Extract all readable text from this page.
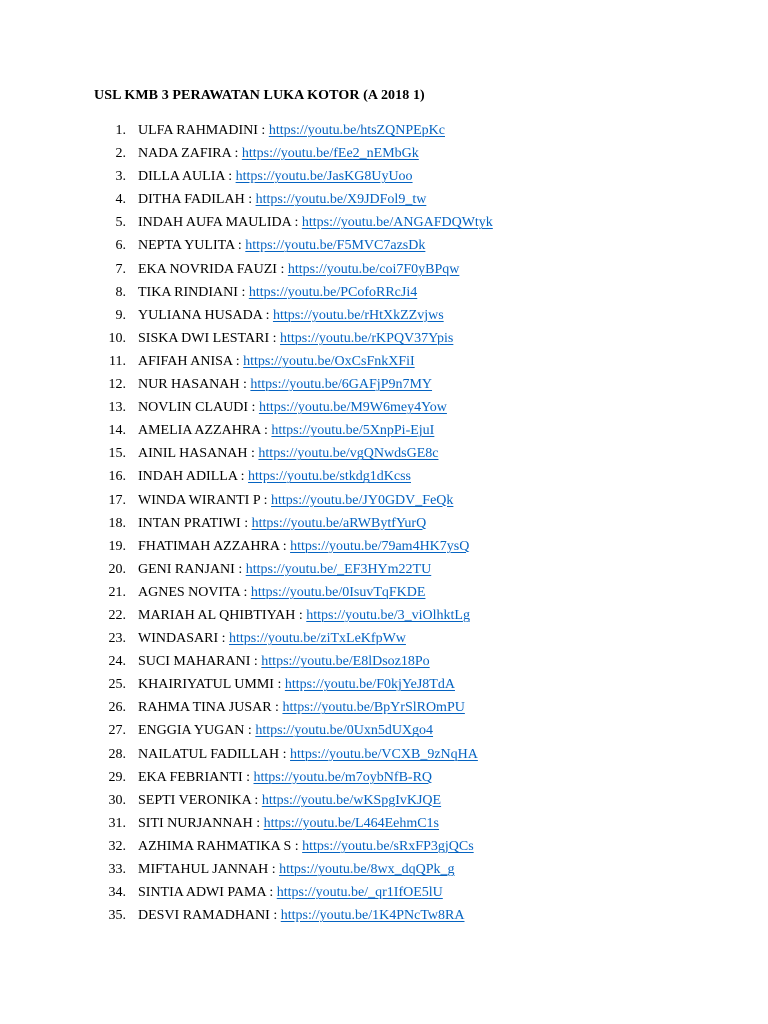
USL KMB 3 PERAWATAN LUKA KOTOR (A 2018 1)
1. ULFA RAHMADINI : https://youtu.be/htsZQNPEpKc
2. NADA ZAFIRA : https://youtu.be/fEe2_nEMbGk
3. DILLA AULIA : https://youtu.be/JasKG8UyUoo
4. DITHA FADILAH : https://youtu.be/X9JDFol9_tw
5. INDAH AUFA MAULIDA : https://youtu.be/ANGAFDQWtyk
6. NEPTA YULITA : https://youtu.be/F5MVC7azsDk
7. EKA NOVRIDA FAUZI : https://youtu.be/coi7F0yBPqw
8. TIKA RINDIANI : https://youtu.be/PCofoRRcJi4
9. YULIANA HUSADA : https://youtu.be/rHtXkZZvjws
10. SISKA DWI LESTARI : https://youtu.be/rKPQV37Ypis
11. AFIFAH ANISA : https://youtu.be/OxCsFnkXFiI
12. NUR HASANAH : https://youtu.be/6GAFjP9n7MY
13. NOVLIN CLAUDI : https://youtu.be/M9W6mey4Yow
14. AMELIA AZZAHRA : https://youtu.be/5XnpPi-EjuI
15. AINIL HASANAH : https://youtu.be/vgQNwdsGE8c
16. INDAH ADILLA : https://youtu.be/stkdg1dKcss
17. WINDA WIRANTI P : https://youtu.be/JY0GDV_FeQk
18. INTAN PRATIWI : https://youtu.be/aRWBytfYurQ
19. FHATIMAH AZZAHRA : https://youtu.be/79am4HK7ysQ
20. GENI RANJANI : https://youtu.be/_EF3HYm22TU
21. AGNES NOVITA : https://youtu.be/0IsuvTqFKDE
22. MARIAH AL QHIBTIYAH : https://youtu.be/3_viOlhktLg
23. WINDASARI : https://youtu.be/ziTxLeKfpWw
24. SUCI MAHARANI : https://youtu.be/E8lDsoz18Po
25. KHAIRIYATUL UMMI : https://youtu.be/F0kjYeJ8TdA
26. RAHMA TINA JUSAR : https://youtu.be/BpYrSlROmPU
27. ENGGIA YUGAN : https://youtu.be/0Uxn5dUXgo4
28. NAILATUL FADILLAH : https://youtu.be/VCXB_9zNqHA
29. EKA FEBRIANTI : https://youtu.be/m7oybNfB-RQ
30. SEPTI VERONIKA : https://youtu.be/wKSpgIvKJQE
31. SITI NURJANNAH : https://youtu.be/L464EehmC1s
32. AZHIMA RAHMATIKA S : https://youtu.be/sRxFP3gjQCs
33. MIFTAHUL JANNAH : https://youtu.be/8wx_dqQPk_g
34. SINTIA ADWI PAMA : https://youtu.be/_qr1IfOE5lU
35. DESVI RAMADHANI : https://youtu.be/1K4PNcTw8RA
